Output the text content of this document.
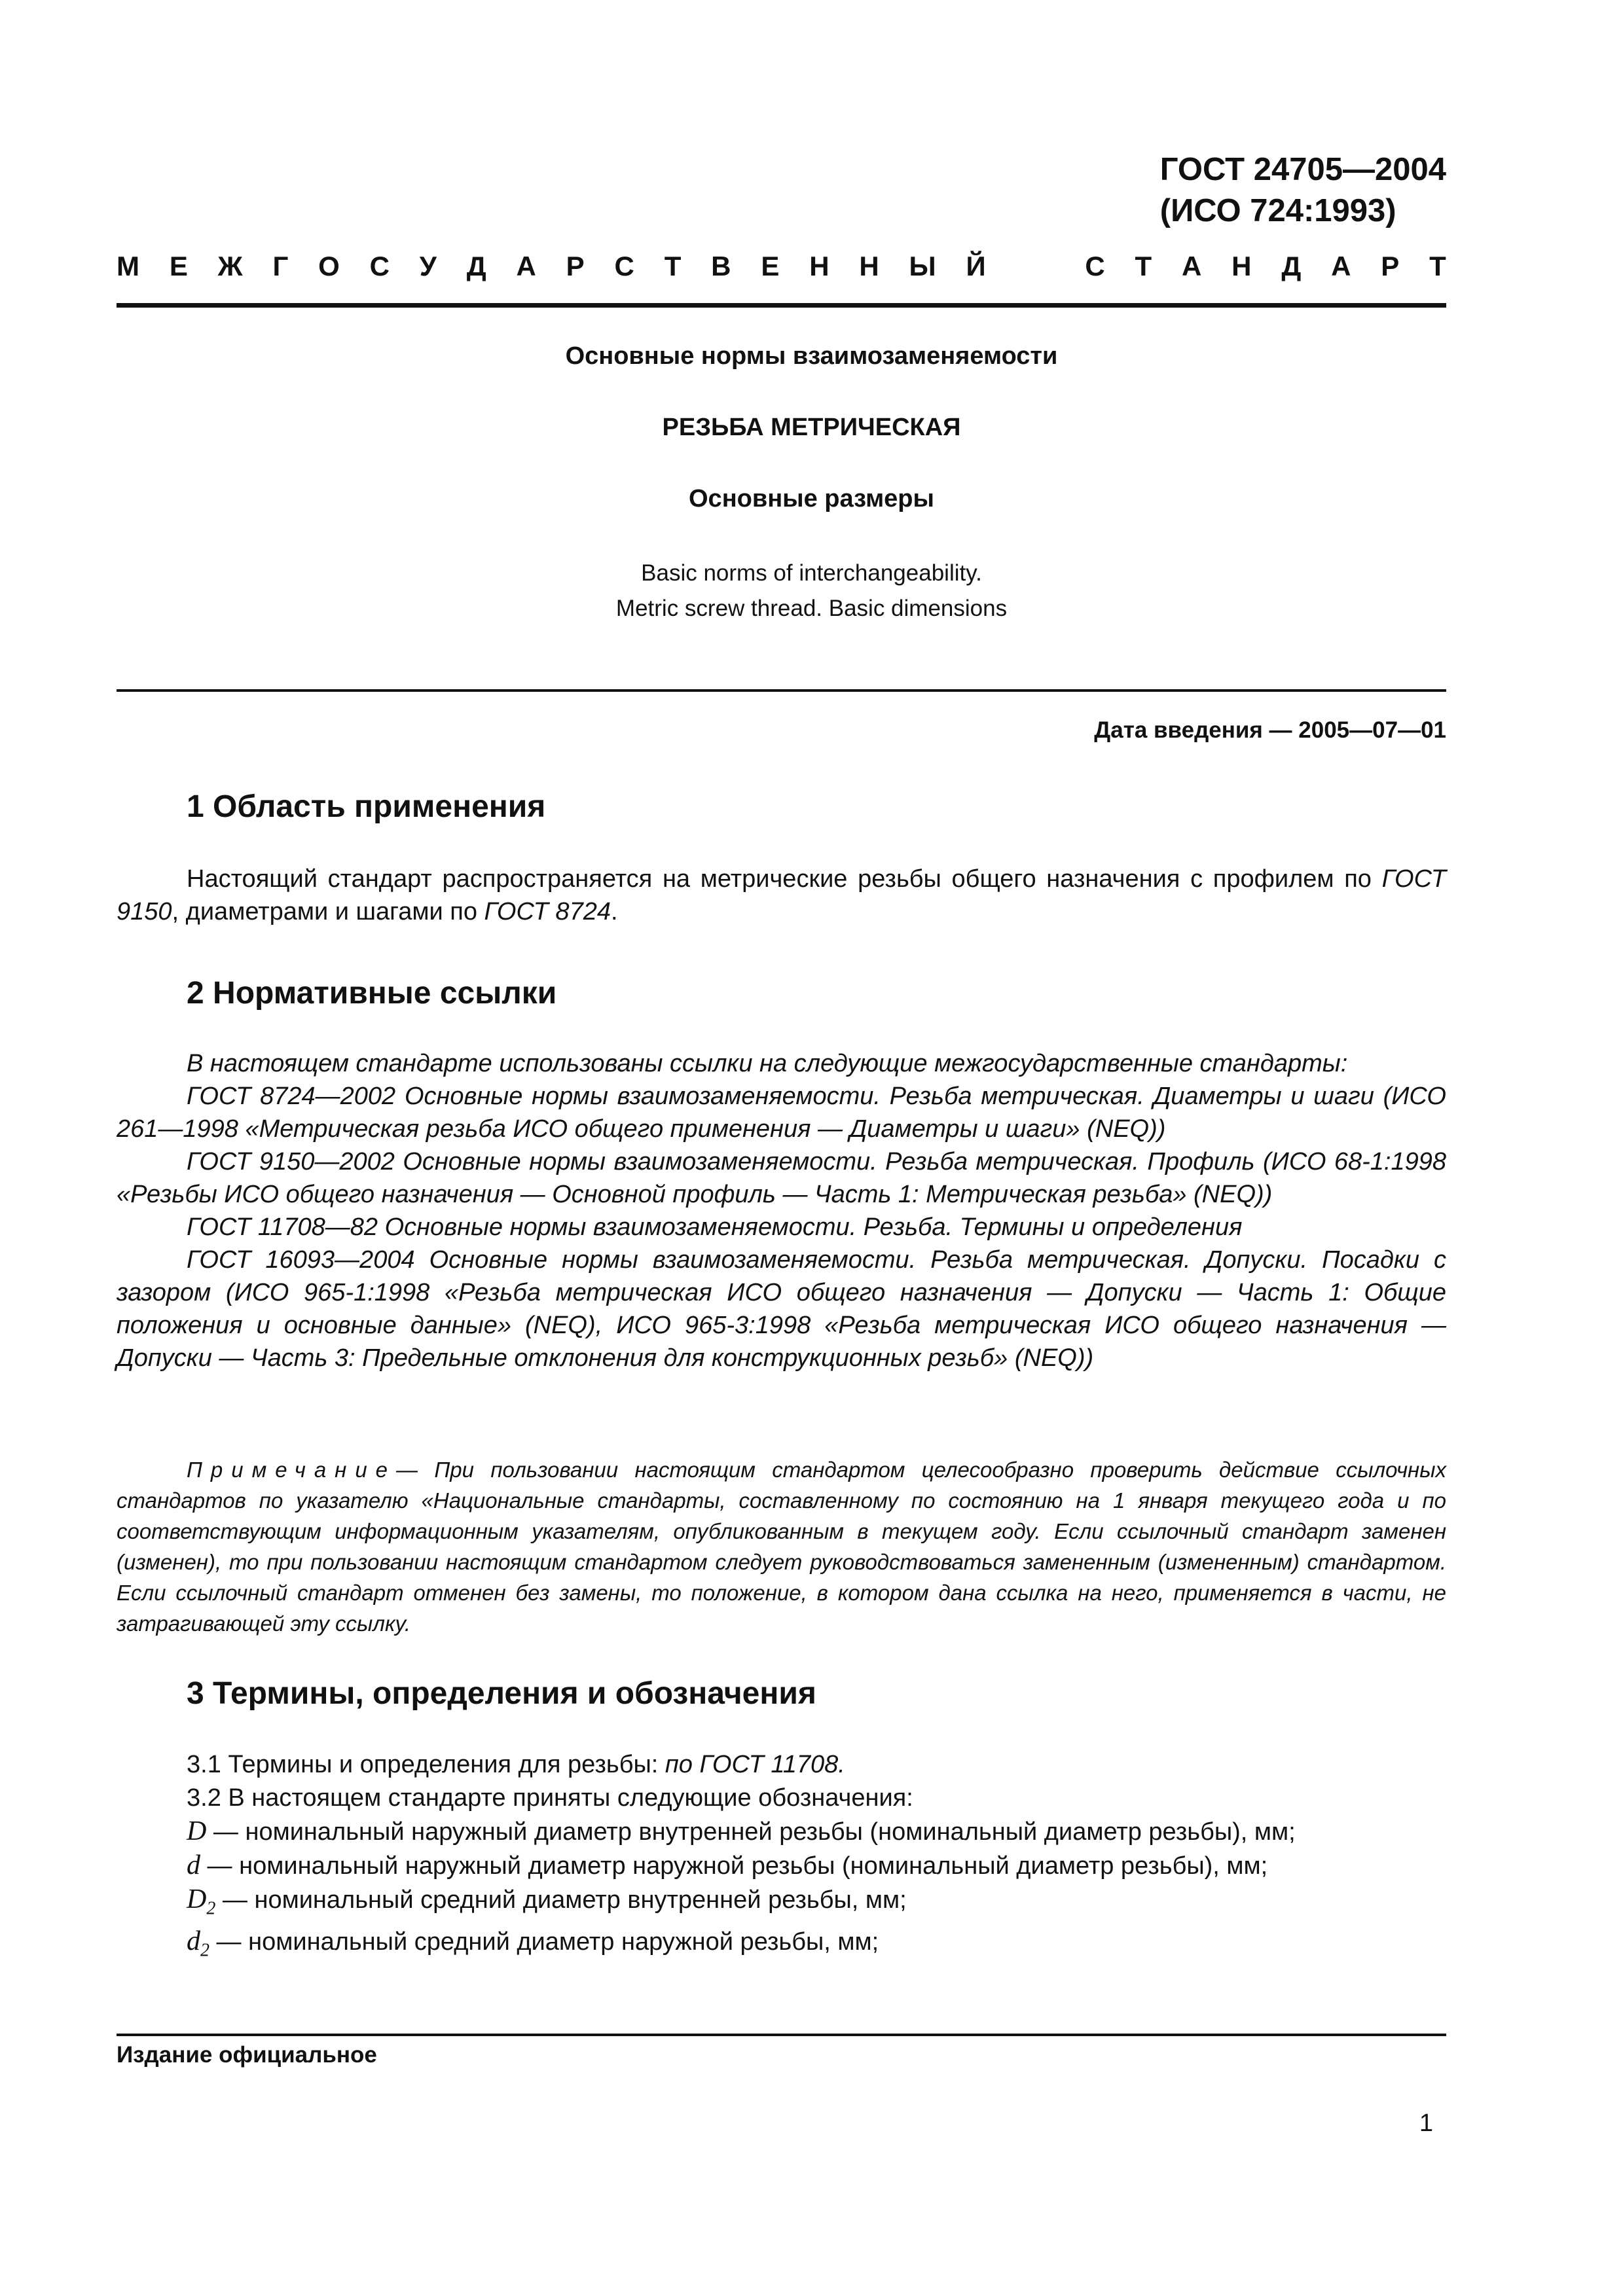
ГОСТ 24705—2004
(ИСО 724:1993)
М Е Ж Г О С У Д А Р С Т В Е Н Н Ы Й	С Т А Н Д А Р Т
Основные нормы взаимозаменяемости
РЕЗЬБА МЕТРИЧЕСКАЯ
Основные размеры
Basic norms of interchangeability.
Metric screw thread. Basic dimensions
Дата введения — 2005—07—01
1 Область применения
Настоящий стандарт распространяется на метрические резьбы общего назначения с профилем по ГОСТ 9150, диаметрами и шагами по ГОСТ 8724.
2 Нормативные ссылки

В настоящем стандарте использованы ссылки на следующие межгосударственные стандарты:

ГОСТ 8724—2002 Основные нормы взаимозаменяемости. Резьба метрическая. Диаметры и шаги (ИСО 261—1998 «Метрическая резьба ИСО общего применения — Диаметры и шаги» (NEQ))

ГОСТ 9150—2002 Основные нормы взаимозаменяемости. Резьба метрическая. Профиль (ИСО 68-1:1998 «Резьбы ИСО общего назначения — Основной профиль — Часть 1: Метрическая резьба» (NEQ))

ГОСТ 11708—82 Основные нормы взаимозаменяемости. Резьба. Термины и определения

ГОСТ 16093—2004 Основные нормы взаимозаменяемости. Резьба метрическая. Допуски. Посадки с зазором (ИСО 965-1:1998 «Резьба метрическая ИСО общего назначения — Допуски — Часть 1: Общие положения и основные данные» (NEQ), ИСО 965-3:1998 «Резьба метрическая ИСО общего назначения — Допуски — Часть 3: Предельные отклонения для конструкционных резьб» (NEQ))

Примечание— При пользовании настоящим стандартом целесообразно проверить действие ссылочных стандартов по указателю «Национальные стандарты, составленному по состоянию на 1 января текущего года и по соответствующим информационным указателям, опубликованным в текущем году. Если ссылочный стандарт заменен (изменен), то при пользовании настоящим стандартом следует руководствоваться замененным (измененным) стандартом. Если ссылочный стандарт отменен без замены, то положение, в котором дана ссылка на него, применяется в части, не затрагивающей эту ссылку.

3 Термины, определения и обозначения

3.1 Термины и определения для резьбы: по ГОСТ 11708.

3.2 В настоящем стандарте приняты следующие обозначения:

D — номинальный наружный диаметр внутренней резьбы (номинальный диаметр резьбы), мм;
d — номинальный наружный диаметр наружной резьбы (номинальный диаметр резьбы), мм;
$D_2$ — номинальный средний диаметр внутренней резьбы, мм;
$d_2$ — номинальный средний диаметр наружной резьбы, мм;
Издание официальное
1
